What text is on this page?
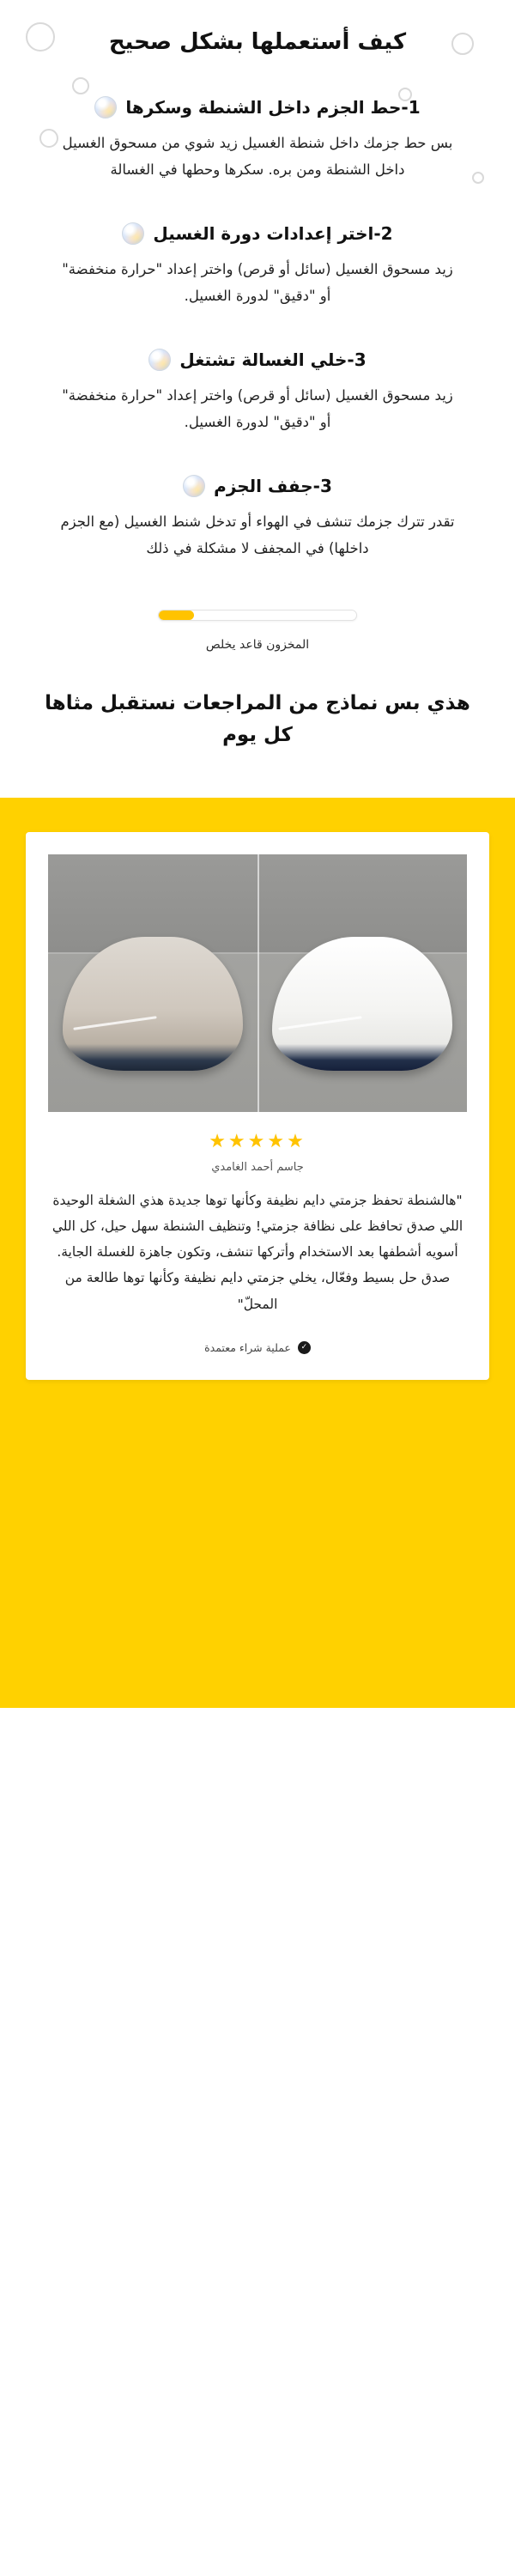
كيف أستعملها بشكل صحيح
1-حط الجزم داخل الشنطة وسكرها
بس حط جزمك داخل شنطة الغسيل زيد شوي من مسحوق الغسيل داخل الشنطة ومن بره. سكرها وحطها في الغسالة
2-اختر إعدادات دورة الغسيل
زيد مسحوق الغسيل (سائل أو قرص) واختر إعداد "حرارة منخفضة" أو "دقيق" لدورة الغسيل.
3-خلي الغسالة تشتغل
زيد مسحوق الغسيل (سائل أو قرص) واختر إعداد "حرارة منخفضة" أو "دقيق" لدورة الغسيل.
3-جفف الجزم
تقدر تترك جزمك تنشف في الهواء أو تدخل شنط الغسيل (مع الجزم داخلها) في المجفف لا مشكلة في ذلك
المخزون قاعد يخلص
هذي بس نماذج من المراجعات نستقبل مثاها كل يوم
★★★★★
جاسم أحمد الغامدي
"هالشنطة تحفظ جزمتي دايم نظيفة وكأنها توها جديدة هذي الشغلة الوحيدة اللي صدق تحافظ على نظافة جزمتي! وتنظيف الشنطة سهل حيل، كل اللي أسويه أشطفها بعد الاستخدام وأتركها تنشف، وتكون جاهزة للغسلة الجاية. صدق حل بسيط وفعّال، يخلي جزمتي دايم نظيفة وكأنها توها طالعة من المحلّ"
✓
عملية شراء معتمدة
